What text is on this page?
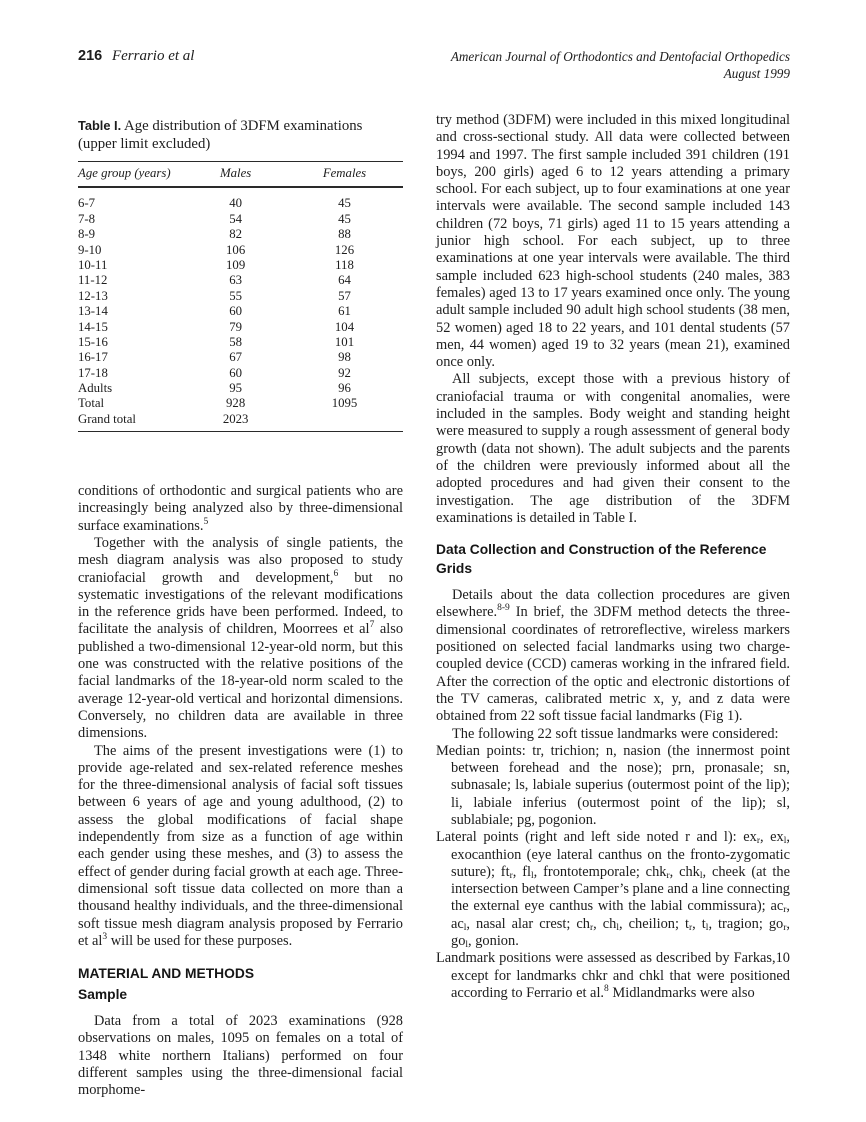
216 Ferrario et al	American Journal of Orthodontics and Dentofacial Orthopedics
August 1999
Table I. Age distribution of 3DFM examinations (upper limit excluded)
Age group (years)	Males	Females
6-7	40	45
7-8	54	45
8-9	82	88
9-10	106	126
10-11	109	118
11-12	63	64
12-13	55	57
13-14	60	61
14-15	79	104
15-16	58	101
16-17	67	98
17-18	60	92
Adults	95	96
Total	928	1095
Grand total	2023	

conditions of orthodontic and surgical patients who are increasingly being analyzed also by three-dimensional surface examinations.$^5$

Together with the analysis of single patients, the mesh diagram analysis was also proposed to study craniofacial growth and development,$^6$ but no systematic investigations of the relevant modifications in the reference grids have been performed. Indeed, to facilitate the analysis of children, Moorrees et $al^7$ also published a two-dimensional 12-year-old norm, but this one was constructed with the relative positions of the facial landmarks of the 18-year-old norm scaled to the average 12-year-old vertical and horizontal dimensions. Conversely, no children data are available in three dimensions.

The aims of the present investigations were (1) to provide age-related and sex-related reference meshes for the three-dimensional analysis of facial soft tissues between 6 years of age and young adulthood, (2) to assess the global modifications of facial shape independently from size as a function of age within each gender using these meshes, and (3) to assess the effect of gender during facial growth at each age. Three-dimensional soft tissue data collected on more than a thousand healthy individuals, and the three-dimensional soft tissue mesh diagram analysis proposed by Ferrario et $al^3$ will be used for these purposes.

MATERIAL AND METHODS
Sample

Data from a total of 2023 examinations (928 observations on males, 1095 on females on a total of 1348 white northern Italians) performed on four different samples using the three-dimensional facial morphome-

try method (3DFM) were included in this mixed longitudinal and cross-sectional study. All data were collected between 1994 and 1997. The first sample included 391 children (191 boys, 200 girls) aged 6 to 12 years attending a primary school. For each subject, up to four examinations at one year intervals were available. The second sample included 143 children (72 boys, 71 girls) aged 11 to 15 years attending a junior high school. For each subject, up to three examinations at one year intervals were available. The third sample included 623 high-school students (240 males, 383 females) aged 13 to 17 years examined once only. The young adult sample included 90 adult high school students (38 men, 52 women) aged 18 to 22 years, and 101 dental students (57 men, 44 women) aged 19 to 32 years (mean 21), examined once only.

All subjects, except those with a previous history of craniofacial trauma or with congenital anomalies, were included in the samples. Body weight and standing height were measured to supply a rough assessment of general body growth (data not shown). The adult subjects and the parents of the children were previously informed about all the adopted procedures and had given their consent to the investigation. The age distribution of the 3DFM examinations is detailed in Table I.

Data Collection and Construction of the Reference Grids

Details about the data collection procedures are given elsewhere.$^{8-9}$ In brief, the 3DFM method detects the three-dimensional coordinates of retroreflective, wireless markers positioned on selected facial landmarks using two charge-coupled device (CCD) cameras working in the infrared field. After the correction of the optic and electronic distortions of the TV cameras, calibrated metric x, y, and z data were obtained from 22 soft tissue facial landmarks (Fig 1).

The following 22 soft tissue landmarks were considered:

Median points: tr, trichion; n, nasion (the innermost point between forehead and the nose); prn, pronasale; sn, subnasale; ls, labiale superius (outermost point of the lip); li, labiale inferius (outermost point of the lip); sl, sublabiale; pg, pogonion.
Lateral points (right and left side noted r and l): $ex_r$, $ex_l$, exocanthion (eye lateral canthus on the fronto-zygomatic suture); $ft_r$, $fl_l$, frontotemporale; chk$_r$, chk$_l$, cheek (at the intersection between Camper’s plane and a line connecting the external eye canthus with the labial commissura); $ac_r$, $ac_l$, nasal alar crest; $ch_r$, $ch_l$, cheilion; $t_r$, $t_l$, tragion; $go_r$, $go_l$, gonion.
Landmark positions were assessed as described by Farkas,10 except for landmarks chkr and chkl that were positioned according to Ferrario et al.$^8$ Midlandmarks were also
